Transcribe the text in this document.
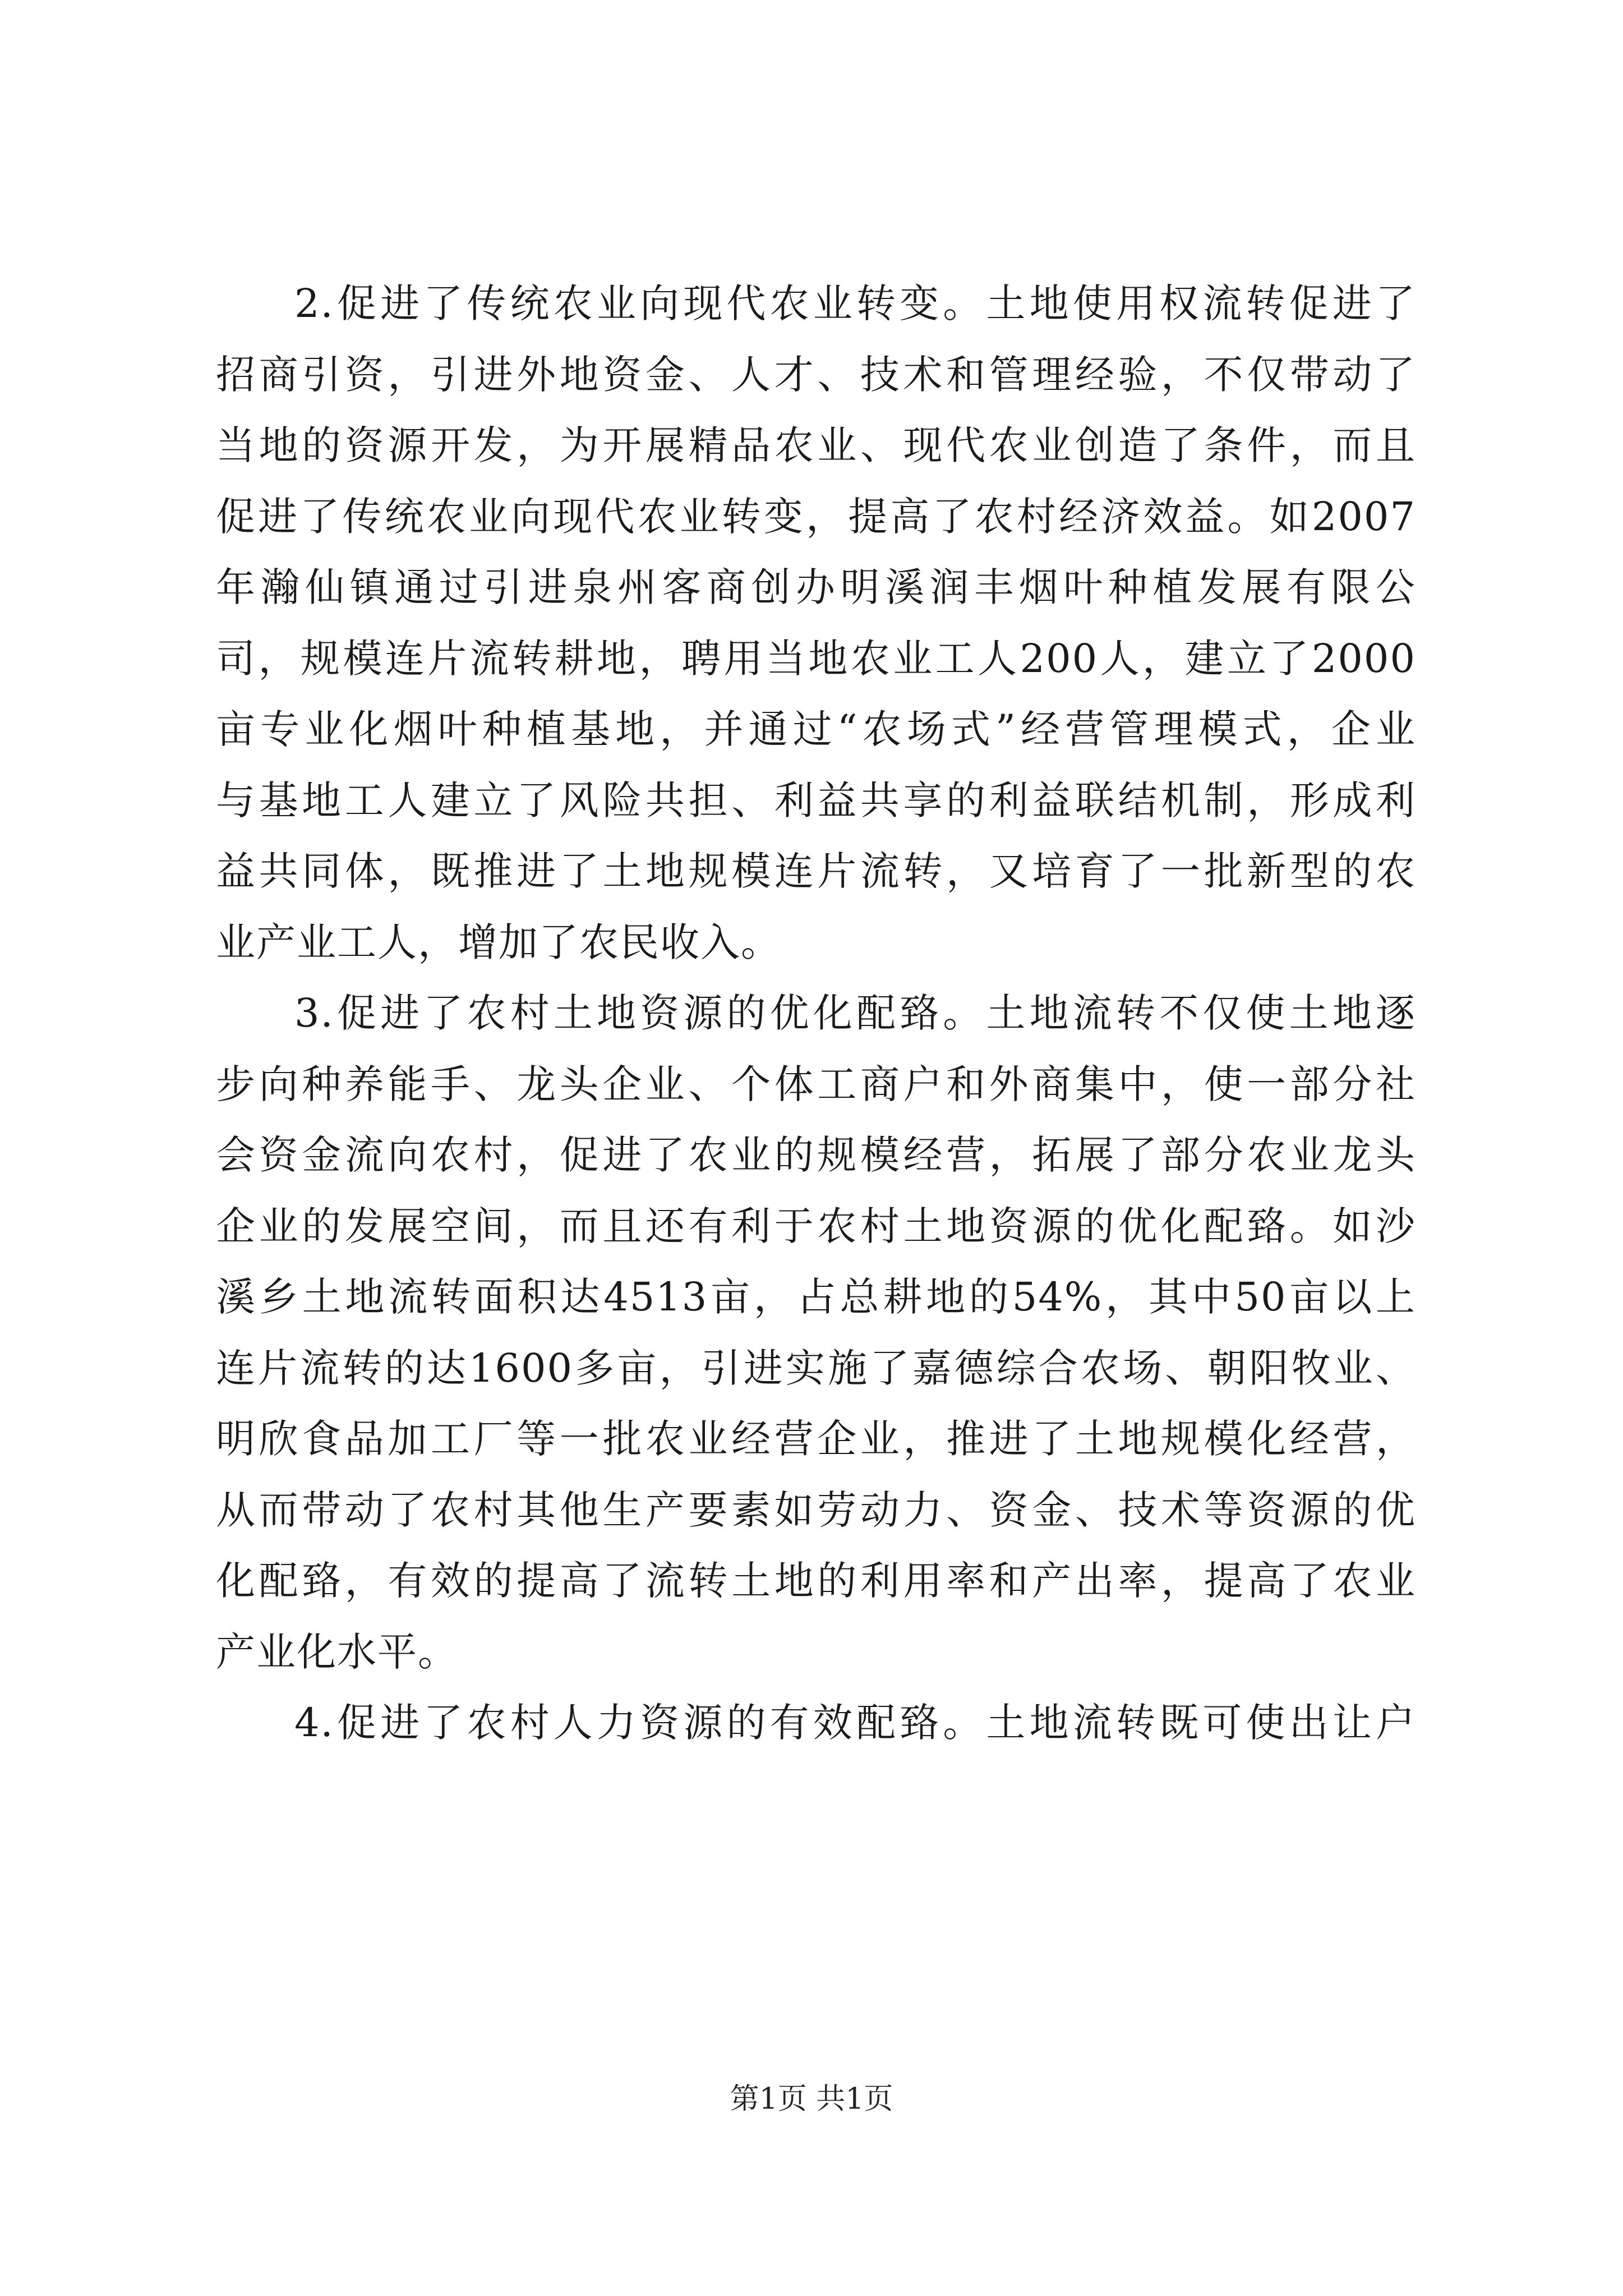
2.促进了传统农业向现代农业转变。土地使用权流转促进了
招商引资，引进外地资金、人才、技术和管理经验，不仅带动了
当地的资源开发，为开展精品农业、现代农业创造了条件，而且
促进了传统农业向现代农业转变，提高了农村经济效益。如2007
年瀚仙镇通过引进泉州客商创办明溪润丰烟叶种植发展有限公
司，规模连片流转耕地，聘用当地农业工人200人，建立了2000
亩专业化烟叶种植基地，并通过“农场式”经营管理模式，企业
与基地工人建立了风险共担、利益共享的利益联结机制，形成利
益共同体，既推进了土地规模连片流转，又培育了一批新型的农
业产业工人，增加了农民收入。
3.促进了农村土地资源的优化配臵。土地流转不仅使土地逐
步向种养能手、龙头企业、个体工商户和外商集中，使一部分社
会资金流向农村，促进了农业的规模经营，拓展了部分农业龙头
企业的发展空间，而且还有利于农村土地资源的优化配臵。如沙
溪乡土地流转面积达4513亩，占总耕地的54%，其中50亩以上
连片流转的达1600多亩，引进实施了嘉德综合农场、朝阳牧业、
明欣食品加工厂等一批农业经营企业，推进了土地规模化经营，
从而带动了农村其他生产要素如劳动力、资金、技术等资源的优
化配臵，有效的提高了流转土地的利用率和产出率，提高了农业
产业化水平。
4.促进了农村人力资源的有效配臵。土地流转既可使出让户
第1页 共1页
